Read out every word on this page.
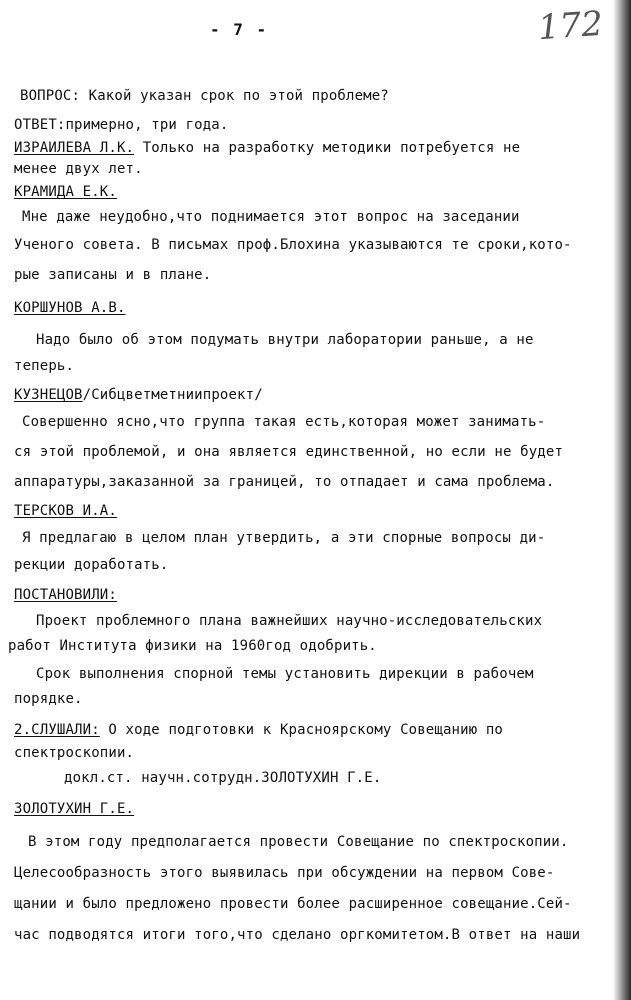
- 7 -	172
ВОПРОС: Какой указан срок по этой проблеме?
ОТВЕТ:примерно, три года.
ИЗРАИЛЕВА Л.К. Только на разработку методики потребуется не
менее двух лет.
КРАМИДА Е.К.
Мне даже неудобно,что поднимается этот вопрос на заседании
Ученого совета. В письмах проф.Блохина указываются те сроки,кото-
рые записаны и в плане.
КОРШУНОВ А.В.
Надо было об этом подумать внутри лаборатории раньше, а не
теперь.
КУЗНЕЦОВ/Сибцветметниипроект/
Совершенно ясно,что группа такая есть,которая может занимать-
ся этой проблемой, и она является единственной, но если не будет
аппаратуры,заказанной за границей, то отпадает и сама проблема.
ТЕРСКОВ И.А.
Я предлагаю в целом план утвердить, а эти спорные вопросы ди-
рекции доработать.
ПОСТАНОВИЛИ:
Проект проблемного плана важнейших научно-исследовательских
работ Института физики на 1960год одобрить.
Срок выполнения спорной темы установить дирекции в рабочем
порядке.
2.СЛУШАЛИ: О ходе подготовки к Красноярскому Совещанию по
спектроскопии.
докл.ст. научн.сотрудн.ЗОЛОТУХИН Г.Е.
ЗОЛОТУХИН Г.Е.
В этом году предполагается провести Совещание по спектроскопии.
Целесообразность этого выявилась при обсуждении на первом Сове-
щании и было предложено провести более расширенное совещание.Сей-
час подводятся итоги того,что сделано оргкомитетом.В ответ на наши
